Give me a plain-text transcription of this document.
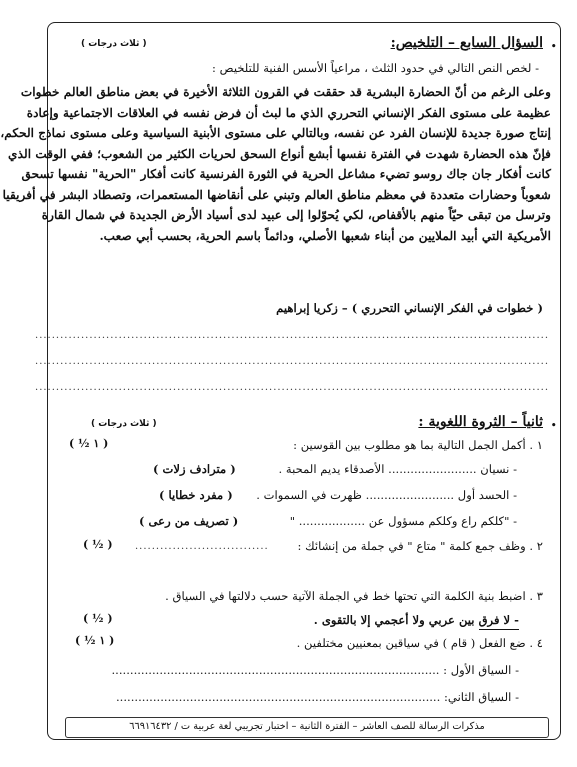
•
السؤال السابع – التلخيص:
( ثلاث درجات )
- لخص النص التالي في حدود الثلث ، مراعياً الأسس الفنية للتلخيص :
وعلى الرغم من أنّ الحضارة البشرية قد حققت في القرون الثلاثة الأخيرة في بعض مناطق العالم خطوات
عظيمة على مستوى الفكر الإنساني التحرري الذي ما لبث أن فرض نفسه في العلاقات الاجتماعية وإعادة
إنتاج صورة جديدة للإنسان الفرد عن نفسه، وبالتالي على مستوى الأبنية السياسية وعلى مستوى نماذج الحكم،
فإنّ هذه الحضارة شهدت في الفترة نفسها أبشع أنواع السحق لحريات الكثير من الشعوب؛ ففي الوقت الذي
كانت أفكار جان جاك روسو تضيء مشاعل الحرية في الثورة الفرنسية كانت أفكار "الحرية" نفسها تسحق
شعوباً وحضارات متعددة في معظم مناطق العالم وتبني على أنقاضها المستعمرات، وتصطاد البشر في أفريقيا
وترسل من تبقى حيّاً منهم بالأقفاص، لكي يُحوّلوا إلى عبيد لدى أسياد الأرض الجديدة في شمال القارة
الأمريكية التي أبيد الملايين من أبناء شعبها الأصلي، ودائماً باسم الحرية، بحسب أبي صعب.
( خطوات في الفكر الإنساني التحرري ) – زكريا إبراهيم
...........................................................................................................................
...........................................................................................................................
...........................................................................................................................
•
ثانياً – الثروة اللغوية :
( ثلاث درجات )
١ . أكمل الجمل التالية بما هو مطلوب بين القوسين :
( ١ ½ )
- نسيان ........................ الأصدقاء يديم المحبة .
( مترادف زلات )
- الحسد أول ........................ ظهرت في السموات .
( مفرد خطايا )
- "كلكم راع وكلكم مسؤول عن .................. "
( تصريف من رعى )
٢ . وظف جمع كلمة " متاع " في جملة من إنشائك :
................................
( ½ )
٣ . اضبط بنية الكلمة التي تحتها خط في الجملة الآتية حسب دلالتها في السياق .
- لا فرق بين عربي ولا أعجمي إلا بالتقوى .
( ½ )
٤ . ضع الفعل ( قام ) في سياقين بمعنيين مختلفين .
( ١ ½ )
- السياق الأول : .........................................................................................
- السياق الثاني: ........................................................................................
مذكرات الرسالة للصف العاشر – الفترة الثانية – اختبار تجريبي لغة عربية ت / ٦٦٩١٦٤٣٢
